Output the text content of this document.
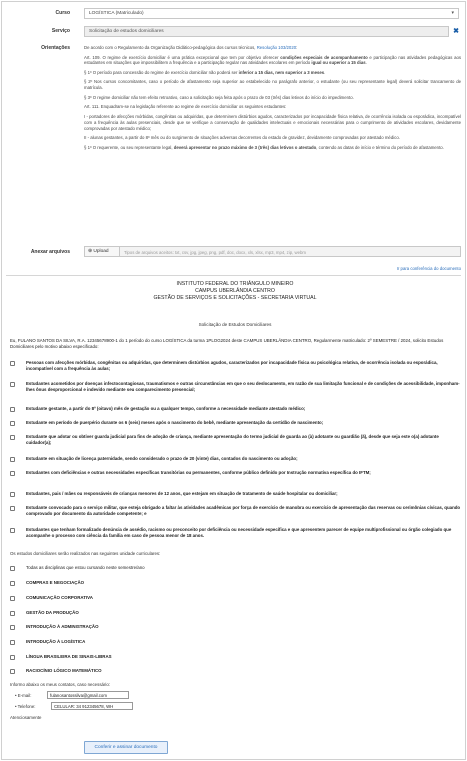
Curso	LOGÍSTICA (Matriculado)	▾
Serviço	Solicitação de estudos domiciliares	✖
Orientações	De acordo com o Regulamento da Organização Didático-pedagógica dos cursos técnicos, Resolução 103/2020:

Art. 109. O regime de exercício domiciliar é uma prática excepcional que tem por objetivo oferecer condições especiais de acompanhamento e participação nas atividades pedagógicas aos estudantes em situações que impossibilitem a frequência e a participação regular nas atividades escolares em período igual ou superior a 15 dias.

§ 1º O período para concessão do regime de exercício domiciliar não poderá ser inferior a 15 dias, nem superior a 3 meses.

§ 2º Nos cursos concomitantes, caso o período de afastamento seja superior ao estabelecido no parágrafo anterior, o estudante (ou seu representante legal) deverá solicitar trancamento de matrícula.

§ 3º O regime domiciliar não tem efeito retroativo, caso a solicitação seja feita após o prazo de 03 (três) dias letivos do início do impedimento.

Art. 111. Enquadram-se na legislação referente ao regime de exercício domiciliar os seguintes estudantes:

I - portadores de afecções mórbidas, congênitas ou adquiridas, que determinem distúrbios agudos, caracterizados por incapacidade física relativa, de ocorrência isolada ou esporádica, incompatível com a frequência às aulas presenciais, desde que se verifique a conservação de qualidades intelectuais e emocionais necessárias para o cumprimento de atividades escolares, devidamente comprovadas por atestado médico;

II - alunas gestantes, a partir do 8º mês ou do surgimento de situações adversas decorrentes do estado de gravidez, devidamente comprovadas por atestado médico.

§ 1º O requerente, ou seu representante legal, deverá apresentar no prazo máximo de 3 (três) dias letivos o atestado, contendo as datas de início e término do período de afastamento.

Anexar arquivos	⊕ Upload	Tipos de arquivos aceitos: txt, csv, jpg, jpeg, png, pdf, doc, docx, xls, xlsx, mp3, mp4, zip, webm
Ir para conferência do documento
INSTITUTO FEDERAL DO TRIÂNGULO MINEIRO
CAMPUS UBERLÂNDIA CENTRO
GESTÃO DE SERVIÇOS E SOLICITAÇÕES - SECRETARIA VIRTUAL
Solicitação de Estudos Domiciliares
Eu, FULANO SANTOS DA SILVA, R.A. 12345678900-1 do 1 período do curso LOGÍSTICA da turma 1PLOG2024 deste CAMPUS UBERLÂNDIA CENTRO, Regularmente matriculado: 2º SEMESTRE / 2024, solicito Estudos Domiciliares pelo motivo abaixo especificado:
Pessoas com afecções mórbidas, congênitas ou adquiridas, que determinem distúrbios agudos, caracterizados por incapacidade física ou psicológica relativa, de ocorrência isolada ou esporádica, incompatível com a frequência às aulas;
Estudantes acometidos por doenças infectocontagiosas, traumatismos e outras circunstâncias em que o seu deslocamento, em razão de sua limitação funcional e de condições de acessibilidade, imponham-lhes ônus desproporcional e indevido mediante seu comparecimento presencial;
Estudante gestante, a partir do 8º (oitavo) mês de gestação ou a qualquer tempo, conforme a necessidade mediante atestado médico;
Estudante em período de puerpério durante os 6 (seis) meses após o nascimento do bebê, mediante apresentação da certidão de nascimento;
Estudante que adotar ou obtiver guarda judicial para fins de adoção de criança, mediante apresentação do termo judicial de guarda ao (à) adotante ou guardião (ã), desde que seja este o(a) adotante cuidador(a);
Estudante em situação de licença paternidade, sendo considerado o prazo de 20 (vinte) dias, contados do nascimento ou adoção;
Estudantes com deficiências e outras necessidades específicas transitórias ou permanentes, conforme público definido por Instrução normativa específica do IFTM;
Estudantes, pais / mães ou responsáveis de crianças menores de 12 anos, que estejam em situação de tratamento de saúde hospitalar ou domiciliar;
Estudante convocado para o serviço militar, que esteja obrigado a faltar às atividades acadêmicas por força de exercício de manobra ou exercício de apresentação das reservas ou cerimônias cívicas, quando comprovado por documento da autoridade competente; e
Estudantes que tenham formalizado denúncia de assédio, racismo ou preconceito por deficiência ou necessidade específica e que apresentem parecer de equipe multiprofissional ou órgão colegiado que acompanhe o processo com ciência da família em caso de pessoa menor de 18 anos.
Os estudos domiciliares serão realizados nas seguintes unidade curriculares:
Todas as disciplinas que estou cursando neste semestre/ano
COMPRAS E NEGOCIAÇÃO
COMUNICAÇÃO CORPORATIVA
GESTÃO DA PRODUÇÃO
INTRODUÇÃO À ADMINISTRAÇÃO
INTRODUÇÃO À LOGÍSTICA
LÍNGUA BRASILEIRA DE SINAIS-LIBRAS
RACIOCÍNIO LÓGICO MATEMÁTICO
Informo abaixo os meus contatos, caso necessário:
• E-mail:	fulanosantossilva@gmail.com
• Telefone:	CELULAR: 34 912345678, WH
Atenciosamente
Conferir e assinar documento
